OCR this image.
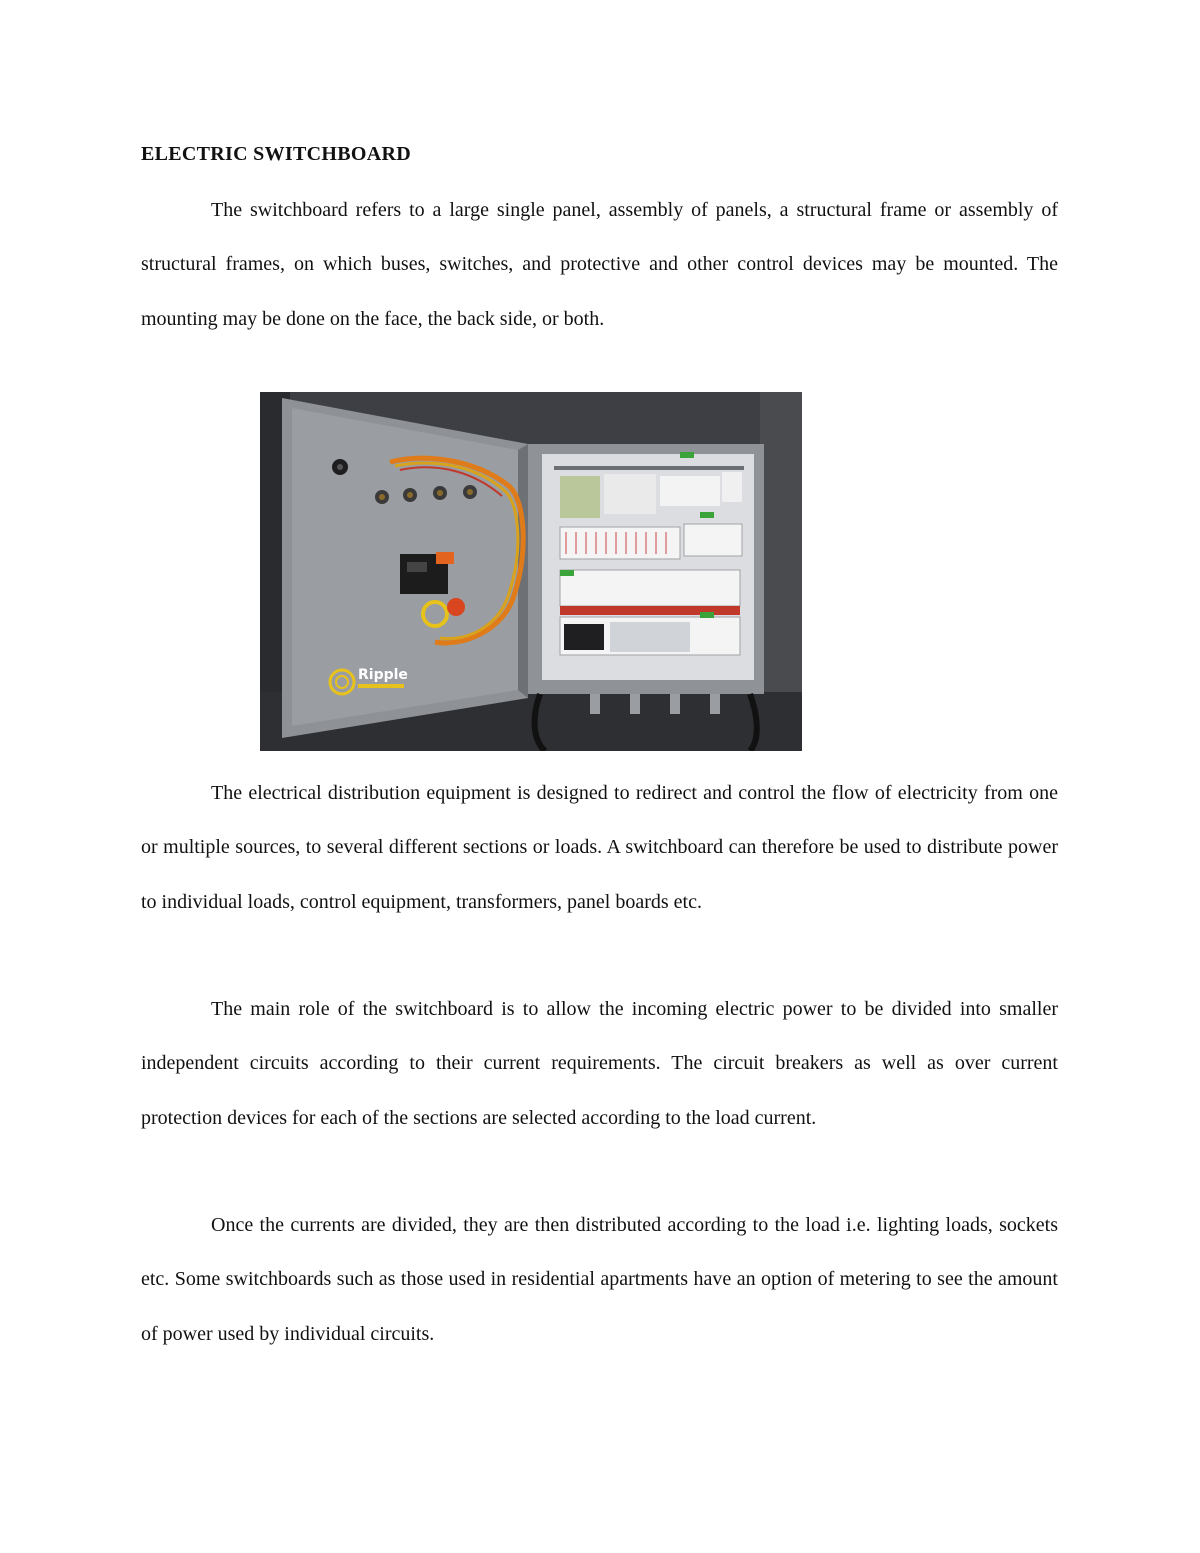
ELECTRIC SWITCHBOARD

The switchboard refers to a large single panel, assembly of panels, a structural frame or assembly of structural frames, on which buses, switches, and protective and other control devices may be mounted. The mounting may be done on the face, the back side, or both.

Ripple

The electrical distribution equipment is designed to redirect and control the flow of electricity from one or multiple sources, to several different sections or loads. A switchboard can therefore be used to distribute power to individual loads, control equipment, transformers, panel boards etc.

The main role of the switchboard is to allow the incoming electric power to be divided into smaller independent circuits according to their current requirements. The circuit breakers as well as over current protection devices for each of the sections are selected according to the load current.

Once the currents are divided, they are then distributed according to the load i.e. lighting loads, sockets etc. Some switchboards such as those used in residential apartments have an option of metering to see the amount of power used by individual circuits.
